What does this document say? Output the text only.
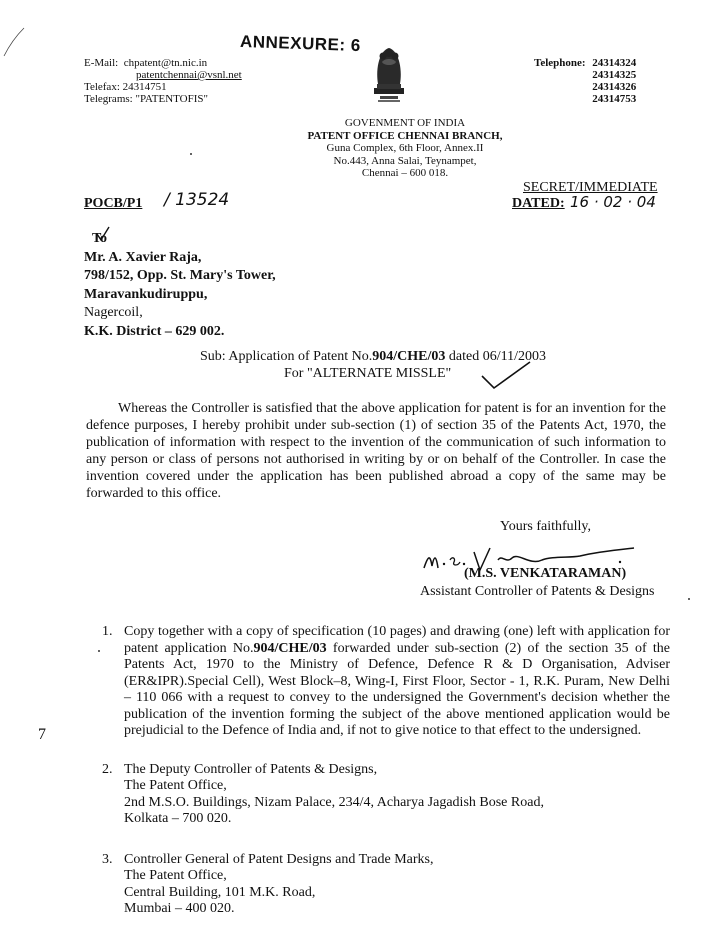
ANNEXURE: 6
E-Mail: chpatent@tn.nic.in
patentchennai@vsnl.net
Telefax: 24314751
Telegrams: "PATENTOFIS"
Telephone: 24314324
24314325
24314326
24314753
GOVENMENT OF INDIA
PATENT OFFICE CHENNAI BRANCH,
Guna Complex, 6th Floor, Annex.II
No.443, Anna Salai, Teynampet,
Chennai – 600 018.
POCB/P1 / 13524
SECRET/IMMEDIATE
DATED: 16 · 02 · 04
To
Mr. A. Xavier Raja,
798/152, Opp. St. Mary's Tower,
Maravankudiruppu,
Nagercoil,
K.K. District – 629 002.
Sub: Application of Patent No.904/CHE/03 dated 06/11/2003
For "ALTERNATE MISSLE"
Whereas the Controller is satisfied that the above application for patent is for an invention for the defence purposes, I hereby prohibit under sub-section (1) of section 35 of the Patents Act, 1970, the publication of information with respect to the invention of the communication of such information to any person or class of persons not authorised in writing by or on behalf of the Controller. In case the invention covered under the application has been published abroad a copy of the same may be forwarded to this office.
Yours faithfully,
(M.S. VENKATARAMAN)
Assistant Controller of Patents & Designs
1. Copy together with a copy of specification (10 pages) and drawing (one) left with application for patent application No.904/CHE/03 forwarded under sub-section (2) of the section 35 of the Patents Act, 1970 to the Ministry of Defence, Defence R & D Organisation, Adviser (ER&IPR).Special Cell), West Block–8, Wing-I, First Floor, Sector - 1, R.K. Puram, New Delhi – 110 066 with a request to convey to the undersigned the Government's decision whether the publication of the invention forming the subject of the above mentioned application would be prejudicial to the Defence of India and, if not to give notice to that effect to the undersigned.
2. The Deputy Controller of Patents & Designs,
The Patent Office,
2nd M.S.O. Buildings, Nizam Palace, 234/4, Acharya Jagadish Bose Road,
Kolkata – 700 020.
3. Controller General of Patent Designs and Trade Marks,
The Patent Office,
Central Building, 101 M.K. Road,
Mumbai – 400 020.
7
